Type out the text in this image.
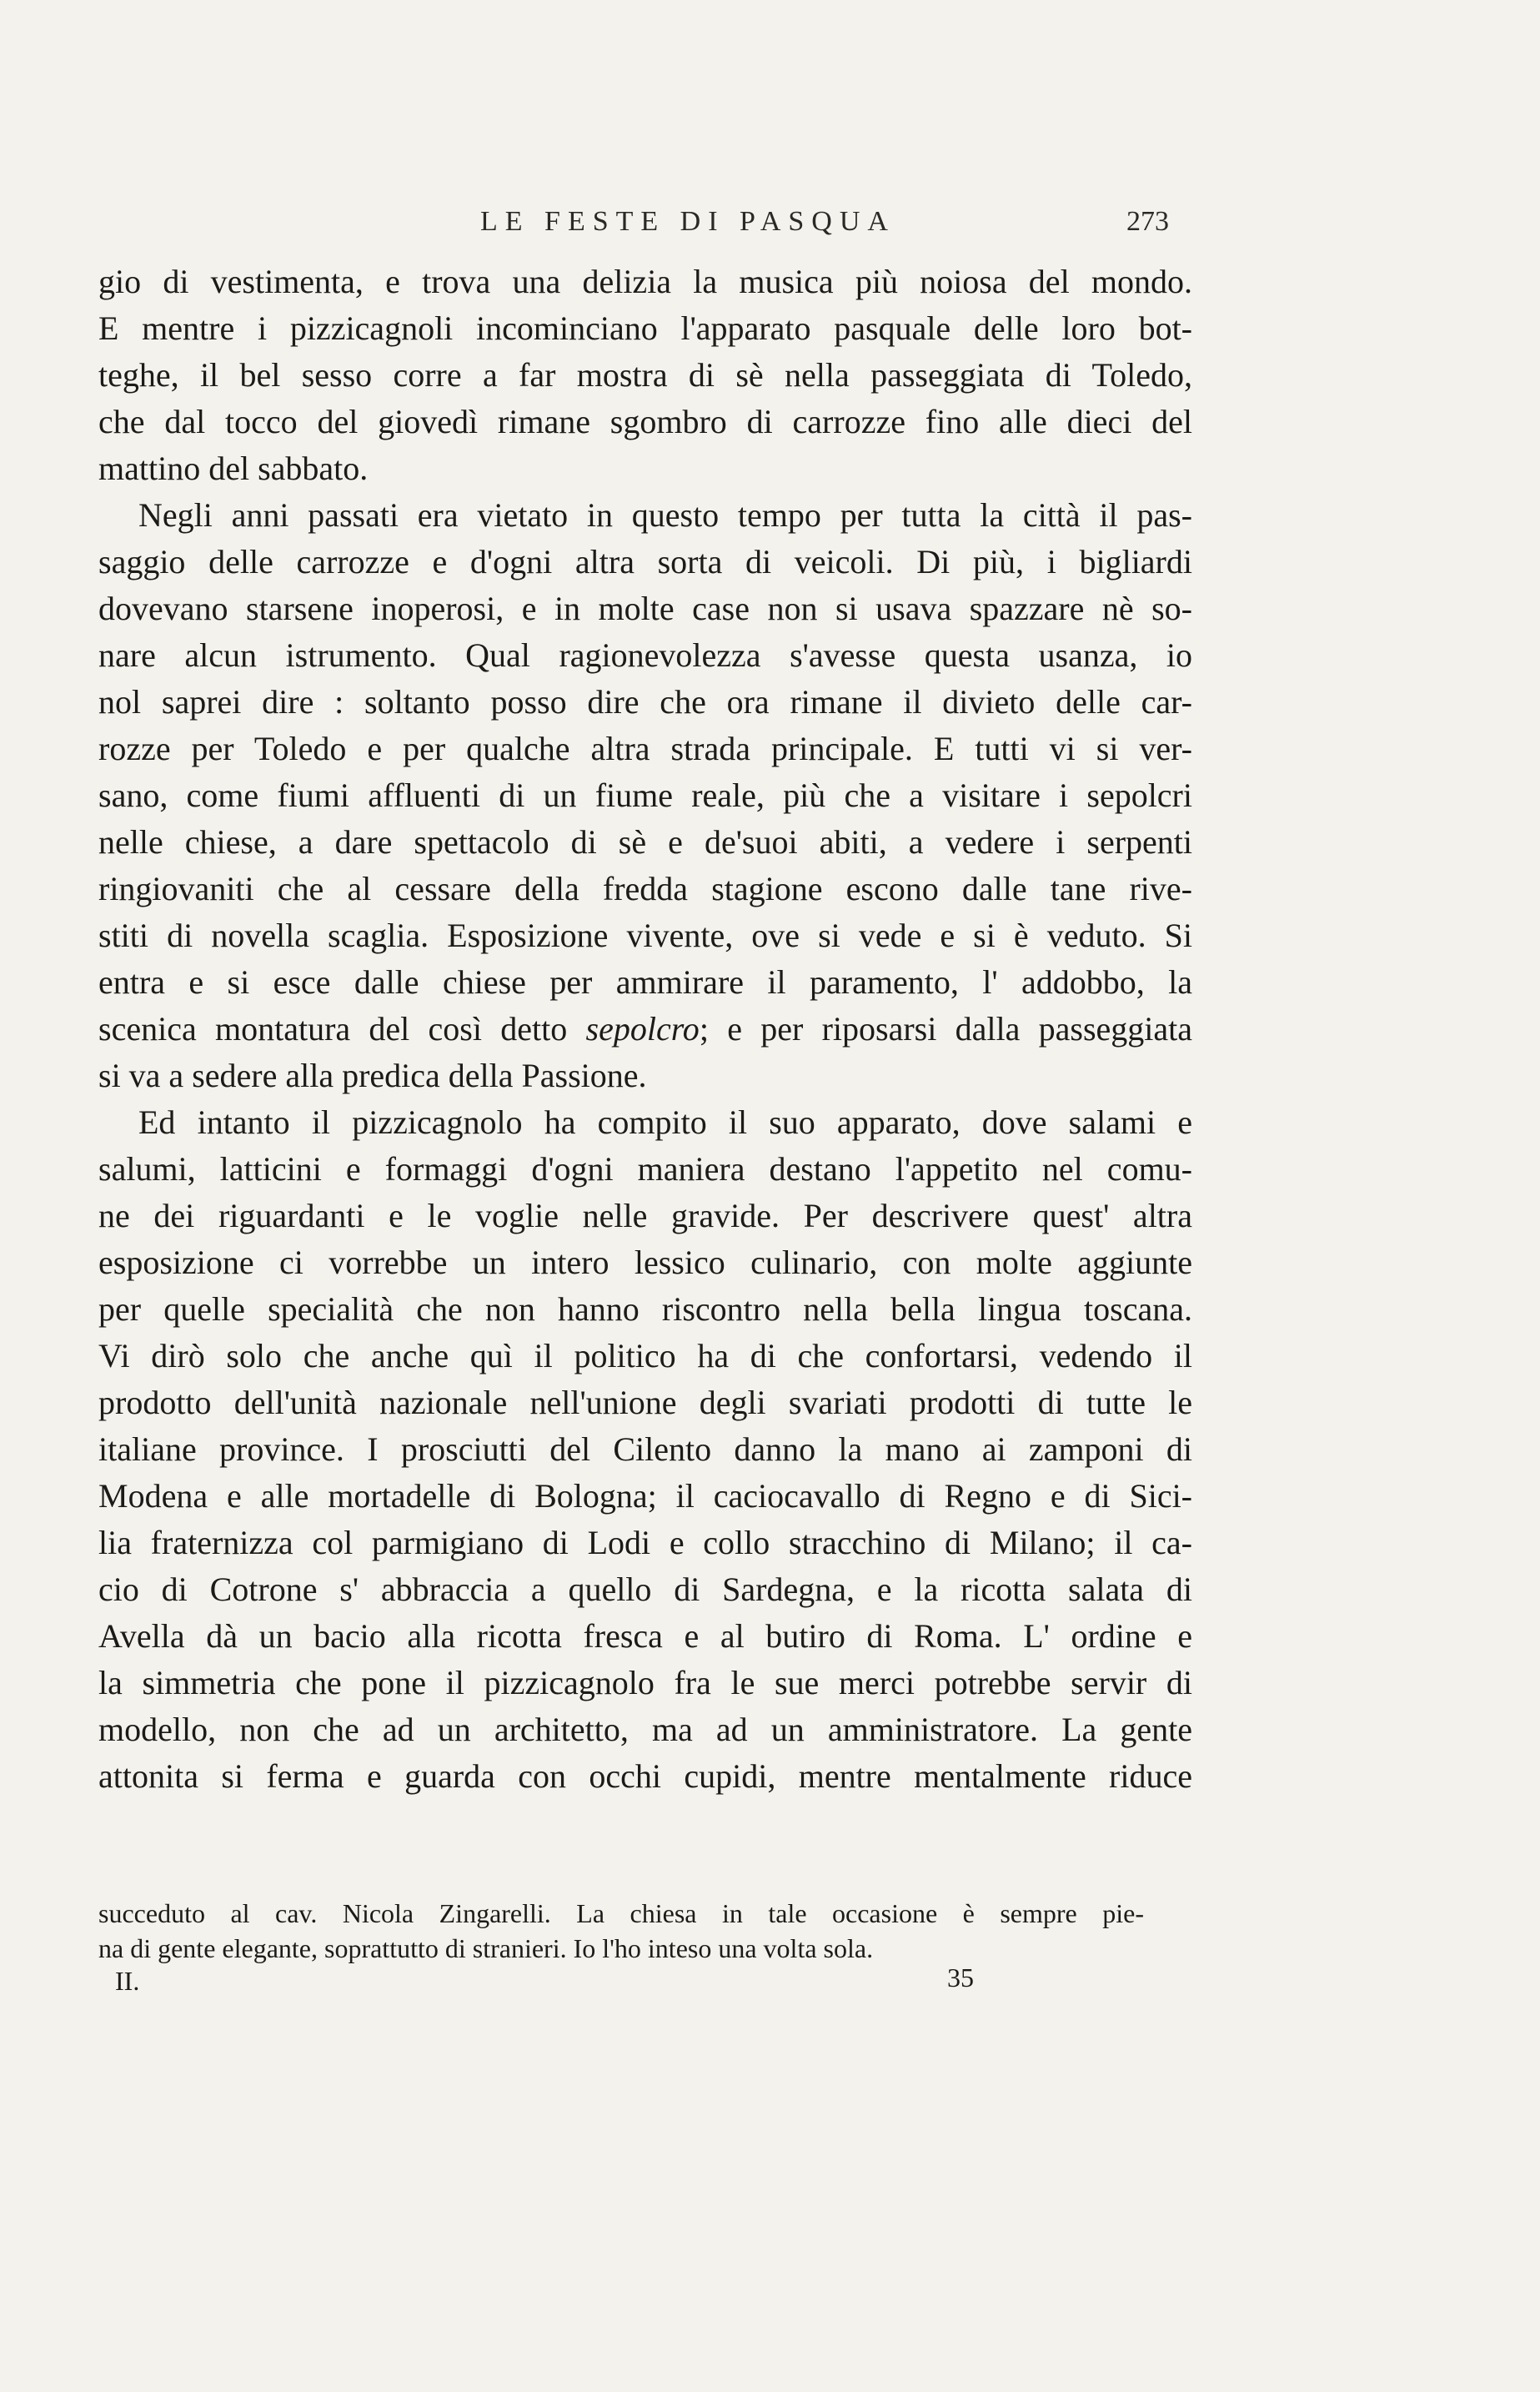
LE FESTE DI PASQUA	273
gio di vestimenta, e trova una delizia la musica più noiosa del mondo.
E mentre i pizzicagnoli incominciano l'apparato pasquale delle loro bot-
teghe, il bel sesso corre a far mostra di sè nella passeggiata di Toledo,
che dal tocco del giovedì rimane sgombro di carrozze fino alle dieci del
mattino del sabbato.
Negli anni passati era vietato in questo tempo per tutta la città il pas-
saggio delle carrozze e d'ogni altra sorta di veicoli. Di più, i bigliardi
dovevano starsene inoperosi, e in molte case non si usava spazzare nè so-
nare alcun istrumento. Qual ragionevolezza s'avesse questa usanza, io
nol saprei dire : soltanto posso dire che ora rimane il divieto delle car-
rozze per Toledo e per qualche altra strada principale. E tutti vi si ver-
sano, come fiumi affluenti di un fiume reale, più che a visitare i sepolcri
nelle chiese, a dare spettacolo di sè e de'suoi abiti, a vedere i serpenti
ringiovaniti che al cessare della fredda stagione escono dalle tane rive-
stiti di novella scaglia. Esposizione vivente, ove si vede e si è veduto. Si
entra e si esce dalle chiese per ammirare il paramento, l' addobbo, la
scenica montatura del così detto sepolcro; e per riposarsi dalla passeggiata
si va a sedere alla predica della Passione.
Ed intanto il pizzicagnolo ha compito il suo apparato, dove salami e
salumi, latticini e formaggi d'ogni maniera destano l'appetito nel comu-
ne dei riguardanti e le voglie nelle gravide. Per descrivere quest' altra
esposizione ci vorrebbe un intero lessico culinario, con molte aggiunte
per quelle specialità che non hanno riscontro nella bella lingua toscana.
Vi dirò solo che anche quì il politico ha di che confortarsi, vedendo il
prodotto dell'unità nazionale nell'unione degli svariati prodotti di tutte le
italiane province. I prosciutti del Cilento danno la mano ai zamponi di
Modena e alle mortadelle di Bologna; il caciocavallo di Regno e di Sici-
lia fraternizza col parmigiano di Lodi e collo stracchino di Milano; il ca-
cio di Cotrone s' abbraccia a quello di Sardegna, e la ricotta salata di
Avella dà un bacio alla ricotta fresca e al butiro di Roma. L' ordine e
la simmetria che pone il pizzicagnolo fra le sue merci potrebbe servir di
modello, non che ad un architetto, ma ad un amministratore. La gente
attonita si ferma e guarda con occhi cupidi, mentre mentalmente riduce
succeduto al cav. Nicola Zingarelli. La chiesa in tale occasione è sempre pie-
na di gente elegante, soprattutto di stranieri. Io l'ho inteso una volta sola.
II.	35
